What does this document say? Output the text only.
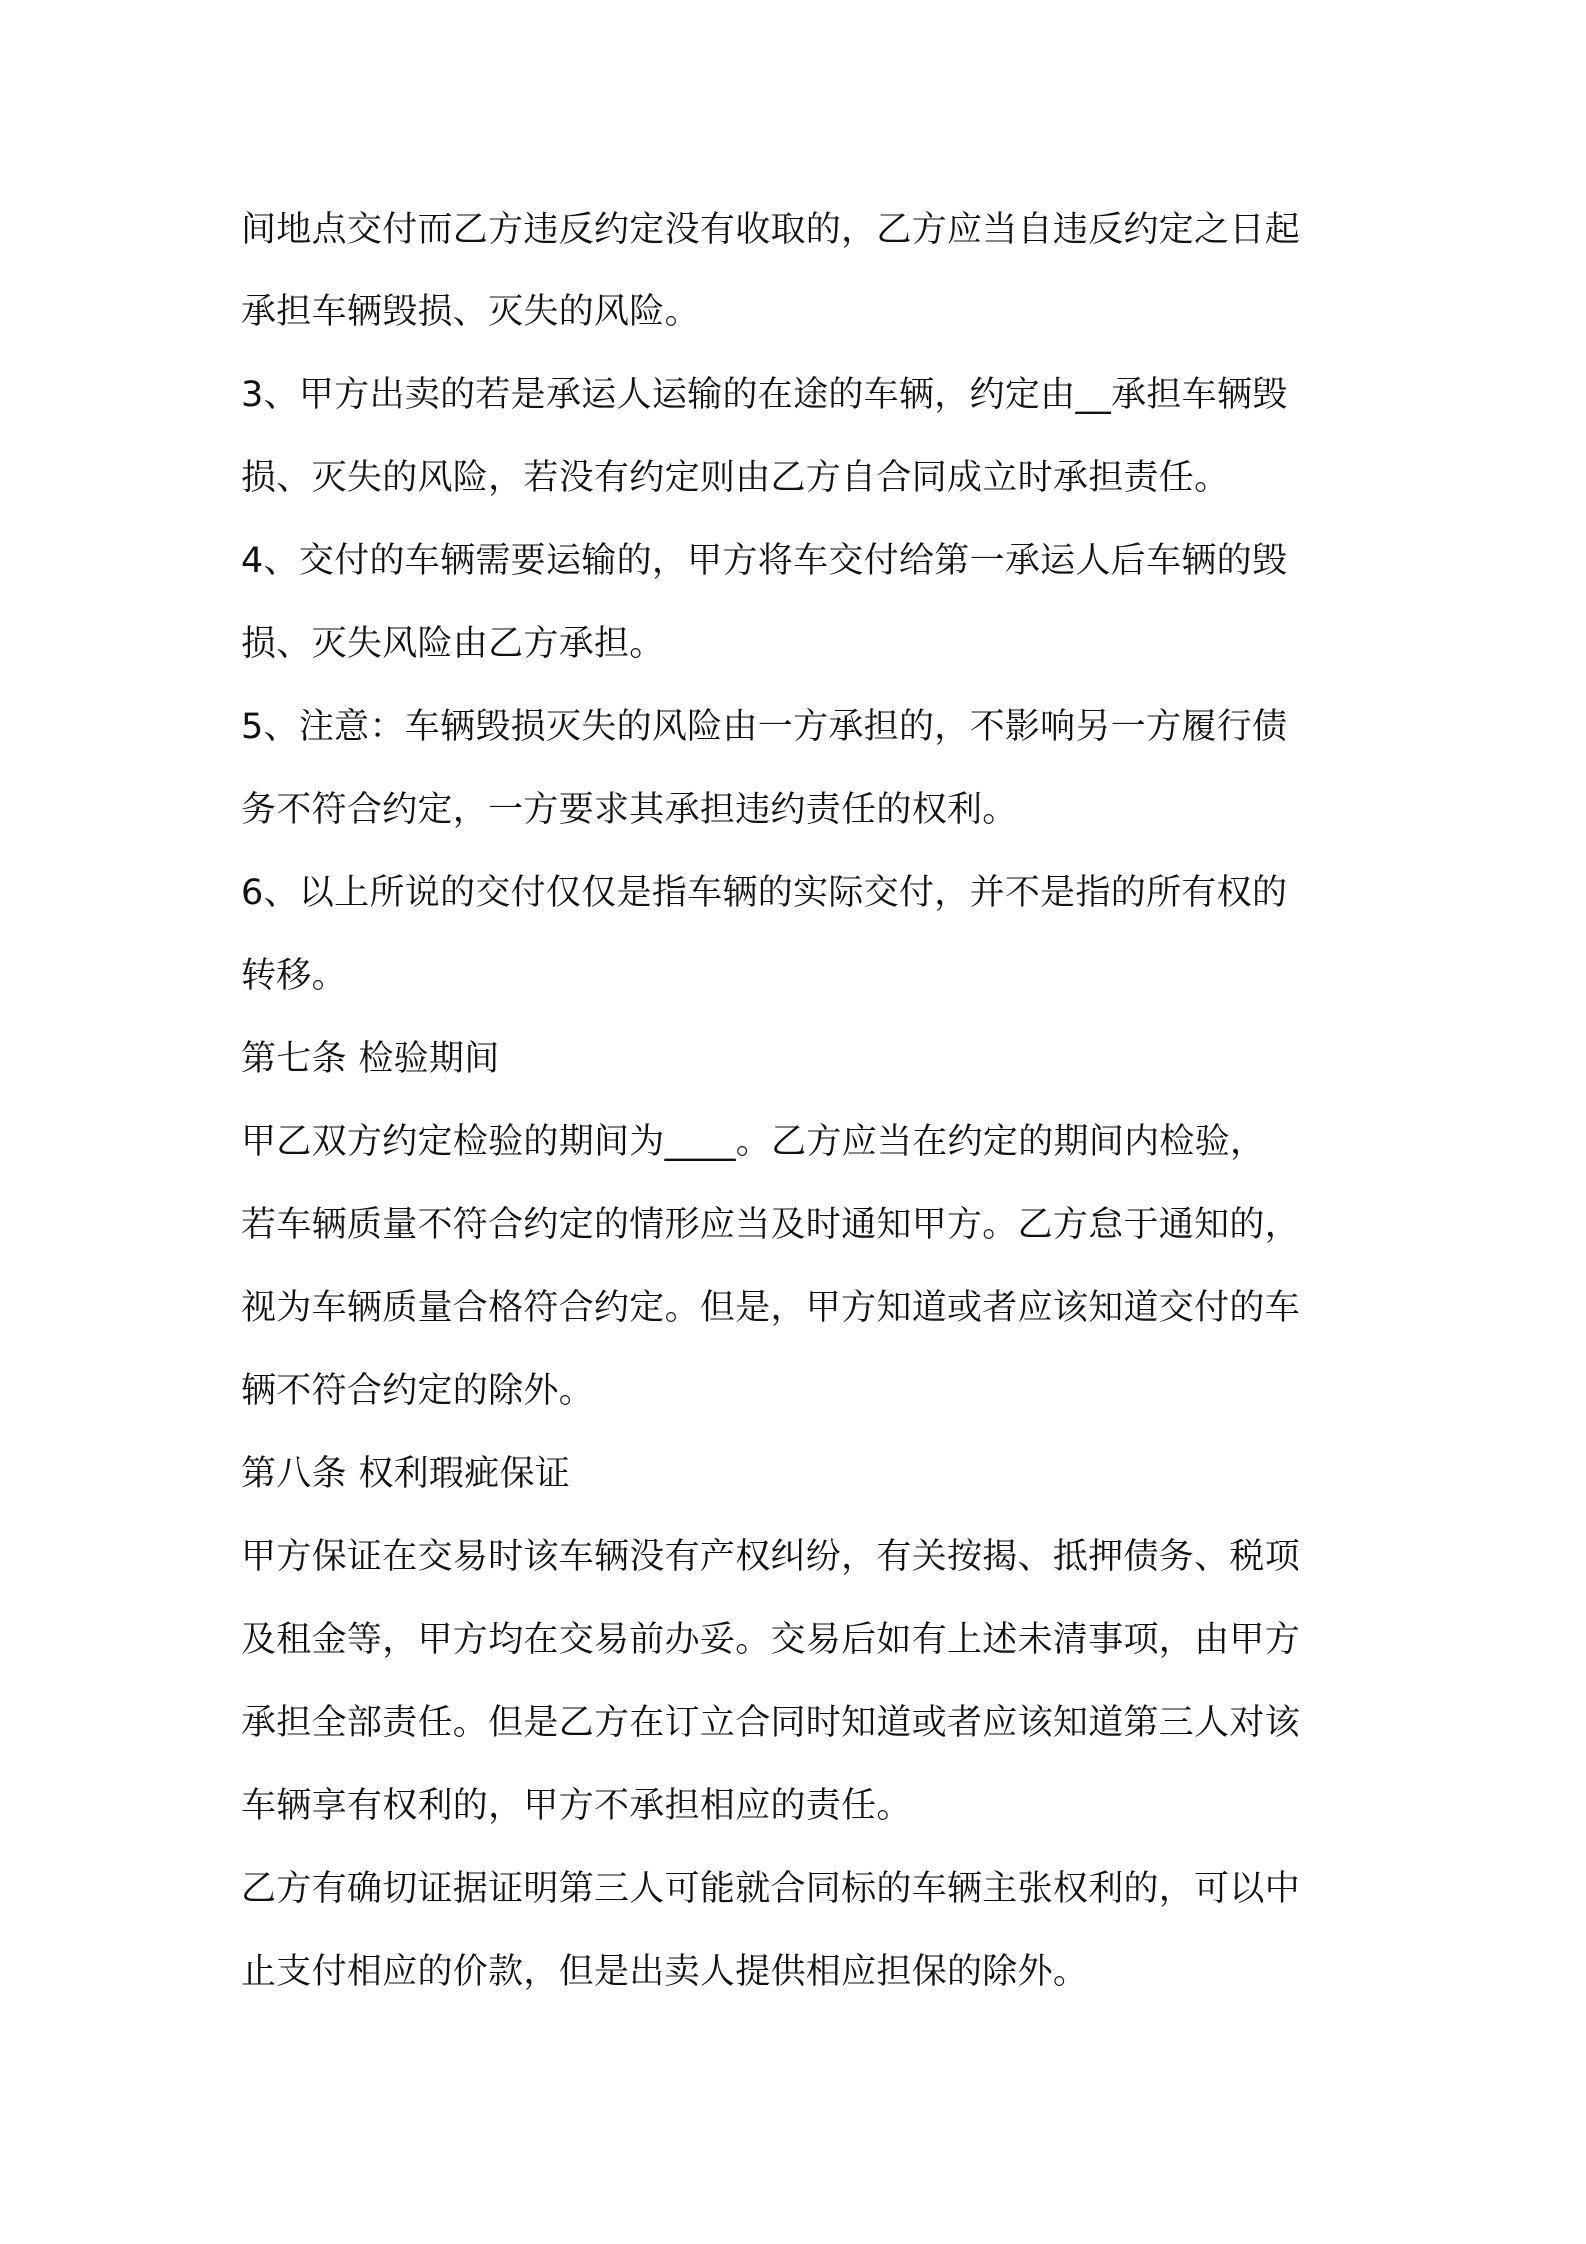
间地点交付而乙方违反约定没有收取的，乙方应当自违反约定之日起
承担车辆毁损、灭失的风险。
3、甲方出卖的若是承运人运输的在途的车辆，约定由__承担车辆毁
损、灭失的风险，若没有约定则由乙方自合同成立时承担责任。
4、交付的车辆需要运输的，甲方将车交付给第一承运人后车辆的毁
损、灭失风险由乙方承担。
5、注意：车辆毁损灭失的风险由一方承担的，不影响另一方履行债
务不符合约定，一方要求其承担违约责任的权利。
6、以上所说的交付仅仅是指车辆的实际交付，并不是指的所有权的
转移。
第七条 检验期间
甲乙双方约定检验的期间为____。乙方应当在约定的期间内检验，
若车辆质量不符合约定的情形应当及时通知甲方。乙方怠于通知的，
视为车辆质量合格符合约定。但是，甲方知道或者应该知道交付的车
辆不符合约定的除外。
第八条 权利瑕疵保证
甲方保证在交易时该车辆没有产权纠纷，有关按揭、抵押债务、税项
及租金等，甲方均在交易前办妥。交易后如有上述未清事项，由甲方
承担全部责任。但是乙方在订立合同时知道或者应该知道第三人对该
车辆享有权利的，甲方不承担相应的责任。
乙方有确切证据证明第三人可能就合同标的车辆主张权利的，可以中
止支付相应的价款，但是出卖人提供相应担保的除外。
